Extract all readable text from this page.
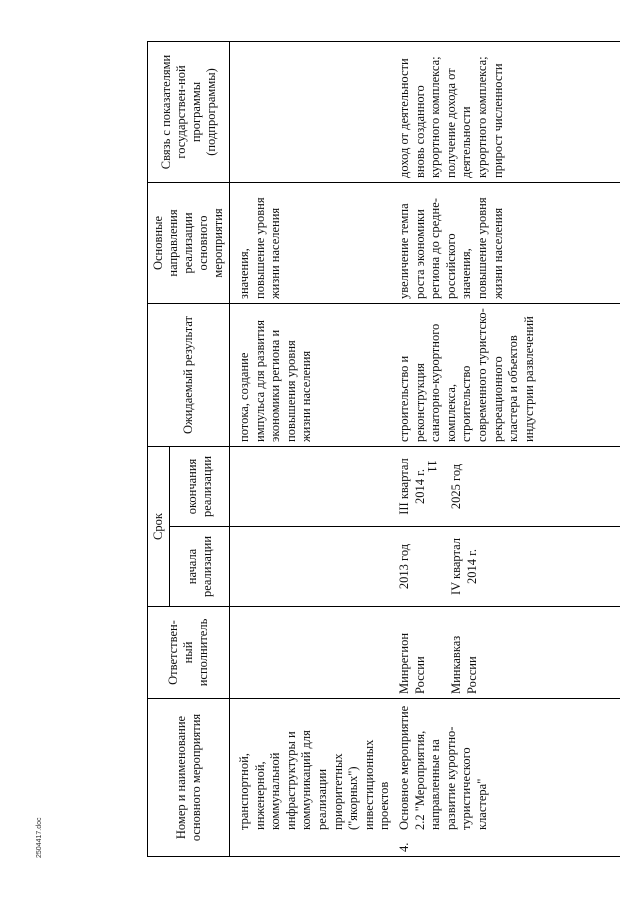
11
2504417.doc	Номер и наименование основного мероприятия	Ответствен-ный исполнитель	Срок		Ожидаемый результат	Основные направления реализации основного мероприятия	Связь с показателями государствен-ной программы (подпрограммы)
		начала реализации	окончания реализации			

транспортной, инженерной, коммунальной инфраструктуры и коммуникаций для реализации приоритетных ("якорных") инвестиционных проектов				потока, создание импульса для развития экономики региона и повышения уровня жизни населения	значения, повышение уровня жизни населения	

4.
Основное мероприятие 2.2 "Мероприятия, направленные на развитие курортно-туристического кластера"	Минрегион России	2013 год	III квартал 2014 г.	строительство и реконструкция санаторно-курортного комплекса, строительство современного туристско-рекреационного кластера и объектов индустрии развлечений	увеличение темпа роста экономики региона до средне-российского значения, повышение уровня жизни населения	доход от деятельности вновь созданного курортного комплекса; получение дохода от деятельности курортного комплекса; прирост численности
	Минкавказ России	IV квартал 2014 г.	2025 год			
